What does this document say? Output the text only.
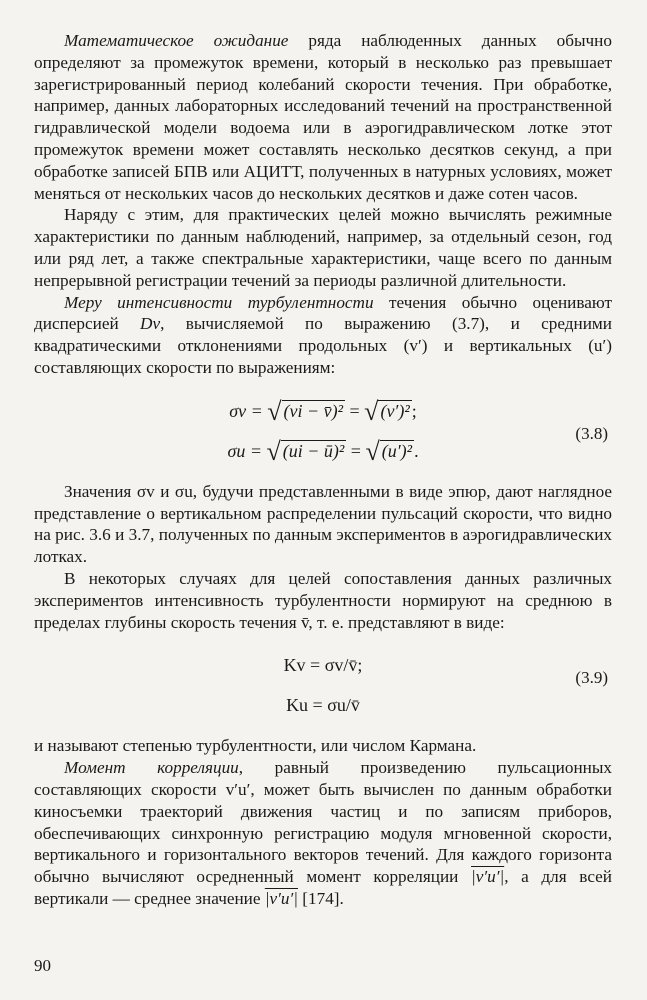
Математическое ожидание ряда наблюденных данных обычно определяют за промежуток времени, который в несколько раз превышает зарегистрированный период колебаний скорости течения. При обработке, например, данных лабораторных исследований течений на пространственной гидравлической модели водоема или в аэрогидравлическом лотке этот промежуток времени может составлять несколько десятков секунд, а при обработке записей БПВ или АЦИТТ, полученных в натурных условиях, может меняться от нескольких часов до нескольких десятков и даже сотен часов.

Наряду с этим, для практических целей можно вычислять режимные характеристики по данным наблюдений, например, за отдельный сезон, год или ряд лет, а также спектральные характеристики, чаще всего по данным непрерывной регистрации течений за периоды различной длительности.

Меру интенсивности турбулентности течения обычно оценивают дисперсией Dv, вычисляемой по выражению (3.7), и средними квадратическими отклонениями продольных (v′) и вертикальных (u′) составляющих скорости по выражениям:

σv = √ (vi − v̄)² = √ (v′)² ;
(3.8)
σu = √ (ui − ū)² = √ (u′)² .

Значения σv и σu, будучи представленными в виде эпюр, дают наглядное представление о вертикальном распределении пульсаций скорости, что видно на рис. 3.6 и 3.7, полученных по данным экспериментов в аэрогидравлических лотках.

В некоторых случаях для целей сопоставления данных различных экспериментов интенсивность турбулентности нормируют на среднюю в пределах глубины скорость течения v̄, т. е. представляют в виде:

Kv = σv/v̄;
(3.9)
Ku = σu/v̄

и называют степенью турбулентности, или числом Кармана.

Момент корреляции, равный произведению пульсационных составляющих скорости v′u′, может быть вычислен по данным обработки киносъемки траекторий движения частиц и по записям приборов, обеспечивающих синхронную регистрацию модуля мгновенной скорости, вертикального и горизонтального векторов течений. Для каждого горизонта обычно вычисляют осредненный момент корреляции |v′u′|, а для всей вертикали — среднее значение |v′u′| [174].

90
